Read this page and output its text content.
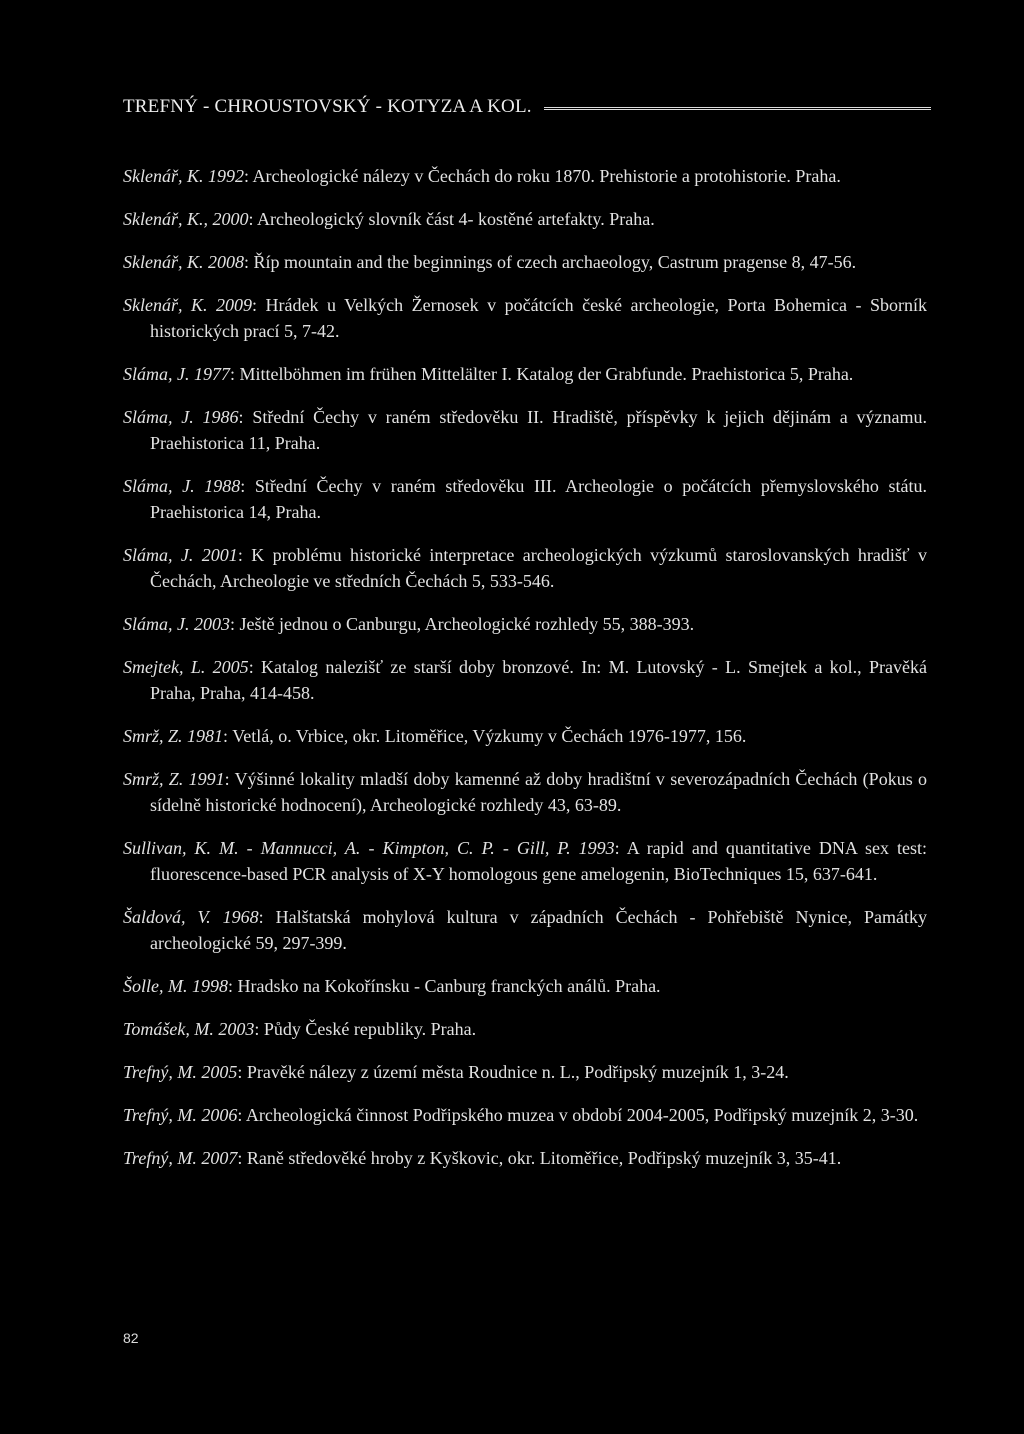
TREFNÝ - CHROUSTOVSKÝ - KOTYZA A KOL.
Sklenář, K. 1992: Archeologické nálezy v Čechách do roku 1870. Prehistorie a protohistorie. Praha.
Sklenář, K., 2000: Archeologický slovník část 4- kostěné artefakty. Praha.
Sklenář, K. 2008: Říp mountain and the beginnings of czech archaeology, Castrum pragense 8, 47-56.
Sklenář, K. 2009: Hrádek u Velkých Žernosek v počátcích české archeologie, Porta Bohemica - Sborník historických prací 5, 7-42.
Sláma, J. 1977: Mittelböhmen im frühen Mittelälter I. Katalog der Grabfunde. Praehistorica 5, Praha.
Sláma, J. 1986: Střední Čechy v raném středověku II. Hradiště, příspěvky k jejich dějinám a významu. Praehistorica 11, Praha.
Sláma, J. 1988: Střední Čechy v raném středověku III. Archeologie o počátcích přemyslovského státu. Praehistorica 14, Praha.
Sláma, J. 2001: K problému historické interpretace archeologických výzkumů staroslovanských hradišť v Čechách, Archeologie ve středních Čechách 5, 533-546.
Sláma, J. 2003: Ještě jednou o Canburgu, Archeologické rozhledy 55, 388-393.
Smejtek, L. 2005: Katalog nalezišť ze starší doby bronzové. In: M. Lutovský - L. Smejtek a kol., Pravěká Praha, Praha, 414-458.
Smrž, Z. 1981: Vetlá, o. Vrbice, okr. Litoměřice, Výzkumy v Čechách 1976-1977, 156.
Smrž, Z. 1991: Výšinné lokality mladší doby kamenné až doby hradištní v severozápadních Čechách (Pokus o sídelně historické hodnocení), Archeologické rozhledy 43, 63-89.
Sullivan, K. M. - Mannucci, A. - Kimpton, C. P. - Gill, P. 1993: A rapid and quantitative DNA sex test: fluorescence-based PCR analysis of X-Y homologous gene amelogenin, BioTechniques 15, 637-641.
Šaldová, V. 1968: Halštatská mohylová kultura v západních Čechách - Pohřebiště Nynice, Památky archeologické 59, 297-399.
Šolle, M. 1998: Hradsko na Kokořínsku - Canburg franckých análů. Praha.
Tomášek, M. 2003: Půdy České republiky. Praha.
Trefný, M. 2005: Pravěké nálezy z území města Roudnice n. L., Podřipský muzejník 1, 3-24.
Trefný, M. 2006: Archeologická činnost Podřipského muzea v období 2004-2005, Podřipský muzejník 2, 3-30.
Trefný, M. 2007: Raně středověké hroby z Kyškovic, okr. Litoměřice, Podřipský muzejník 3, 35-41.
82
